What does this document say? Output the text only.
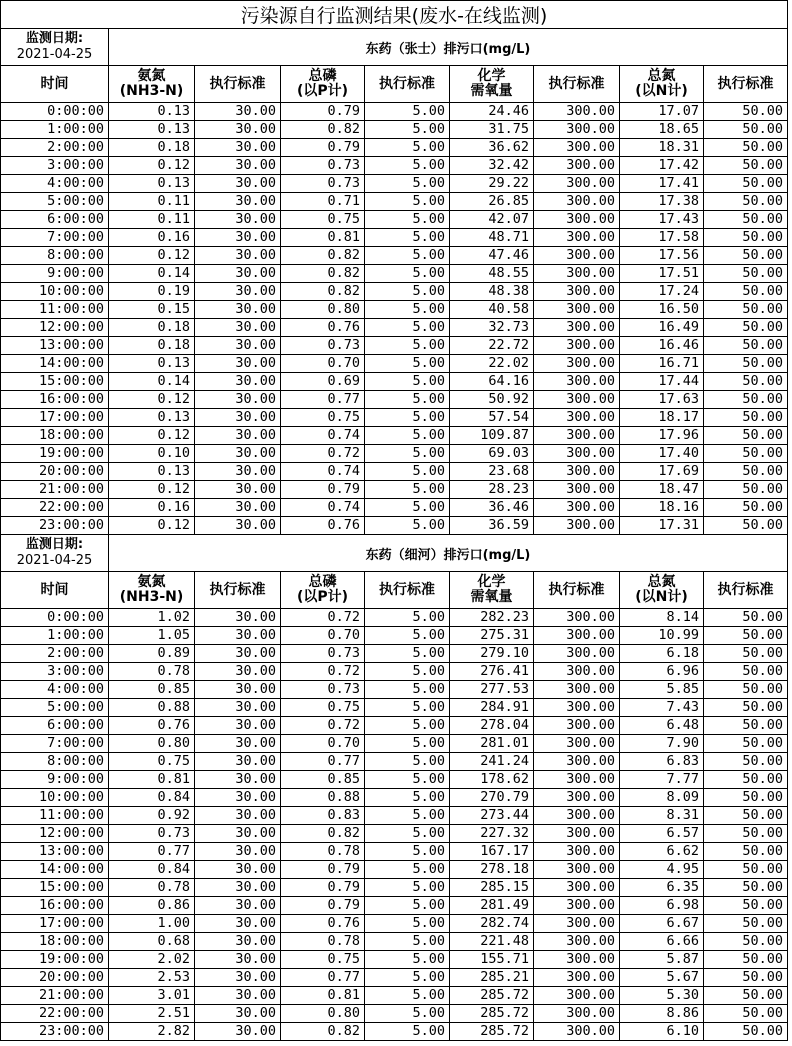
污染源自行监测结果(废水-在线监测)								

监测日期:
2021-04-25	东药（张士）排污口(mg/L)							

时间	氨氮
(NH3-N)	执行标准	总磷
(以P计)	执行标准	化学
需氧量	执行标准	总氮
(以N计)	执行标准

0:00:00	0.13	30.00	0.79	5.00	24.46	300.00	17.07	50.00
1:00:00	0.13	30.00	0.82	5.00	31.75	300.00	18.65	50.00
2:00:00	0.18	30.00	0.79	5.00	36.62	300.00	18.31	50.00
3:00:00	0.12	30.00	0.73	5.00	32.42	300.00	17.42	50.00
4:00:00	0.13	30.00	0.73	5.00	29.22	300.00	17.41	50.00
5:00:00	0.11	30.00	0.71	5.00	26.85	300.00	17.38	50.00
6:00:00	0.11	30.00	0.75	5.00	42.07	300.00	17.43	50.00
7:00:00	0.16	30.00	0.81	5.00	48.71	300.00	17.58	50.00
8:00:00	0.12	30.00	0.82	5.00	47.46	300.00	17.56	50.00
9:00:00	0.14	30.00	0.82	5.00	48.55	300.00	17.51	50.00
10:00:00	0.19	30.00	0.82	5.00	48.38	300.00	17.24	50.00
11:00:00	0.15	30.00	0.80	5.00	40.58	300.00	16.50	50.00
12:00:00	0.18	30.00	0.76	5.00	32.73	300.00	16.49	50.00
13:00:00	0.18	30.00	0.73	5.00	22.72	300.00	16.46	50.00
14:00:00	0.13	30.00	0.70	5.00	22.02	300.00	16.71	50.00
15:00:00	0.14	30.00	0.69	5.00	64.16	300.00	17.44	50.00
16:00:00	0.12	30.00	0.77	5.00	50.92	300.00	17.63	50.00
17:00:00	0.13	30.00	0.75	5.00	57.54	300.00	18.17	50.00
18:00:00	0.12	30.00	0.74	5.00	109.87	300.00	17.96	50.00
19:00:00	0.10	30.00	0.72	5.00	69.03	300.00	17.40	50.00
20:00:00	0.13	30.00	0.74	5.00	23.68	300.00	17.69	50.00
21:00:00	0.12	30.00	0.79	5.00	28.23	300.00	18.47	50.00
22:00:00	0.16	30.00	0.74	5.00	36.46	300.00	18.16	50.00
23:00:00	0.12	30.00	0.76	5.00	36.59	300.00	17.31	50.00

监测日期:
2021-04-25	东药（细河）排污口(mg/L)							

时间	氨氮
(NH3-N)	执行标准	总磷
(以P计)	执行标准	化学
需氧量	执行标准	总氮
(以N计)	执行标准

0:00:00	1.02	30.00	0.72	5.00	282.23	300.00	8.14	50.00
1:00:00	1.05	30.00	0.70	5.00	275.31	300.00	10.99	50.00
2:00:00	0.89	30.00	0.73	5.00	279.10	300.00	6.18	50.00
3:00:00	0.78	30.00	0.72	5.00	276.41	300.00	6.96	50.00
4:00:00	0.85	30.00	0.73	5.00	277.53	300.00	5.85	50.00
5:00:00	0.88	30.00	0.75	5.00	284.91	300.00	7.43	50.00
6:00:00	0.76	30.00	0.72	5.00	278.04	300.00	6.48	50.00
7:00:00	0.80	30.00	0.70	5.00	281.01	300.00	7.90	50.00
8:00:00	0.75	30.00	0.77	5.00	241.24	300.00	6.83	50.00
9:00:00	0.81	30.00	0.85	5.00	178.62	300.00	7.77	50.00
10:00:00	0.84	30.00	0.88	5.00	270.79	300.00	8.09	50.00
11:00:00	0.92	30.00	0.83	5.00	273.44	300.00	8.31	50.00
12:00:00	0.73	30.00	0.82	5.00	227.32	300.00	6.57	50.00
13:00:00	0.77	30.00	0.78	5.00	167.17	300.00	6.62	50.00
14:00:00	0.84	30.00	0.79	5.00	278.18	300.00	4.95	50.00
15:00:00	0.78	30.00	0.79	5.00	285.15	300.00	6.35	50.00
16:00:00	0.86	30.00	0.79	5.00	281.49	300.00	6.98	50.00
17:00:00	1.00	30.00	0.76	5.00	282.74	300.00	6.67	50.00
18:00:00	0.68	30.00	0.78	5.00	221.48	300.00	6.66	50.00
19:00:00	2.02	30.00	0.75	5.00	155.71	300.00	5.87	50.00
20:00:00	2.53	30.00	0.77	5.00	285.21	300.00	5.67	50.00
21:00:00	3.01	30.00	0.81	5.00	285.72	300.00	5.30	50.00
22:00:00	2.51	30.00	0.80	5.00	285.72	300.00	8.86	50.00
23:00:00	2.82	30.00	0.82	5.00	285.72	300.00	6.10	50.00
